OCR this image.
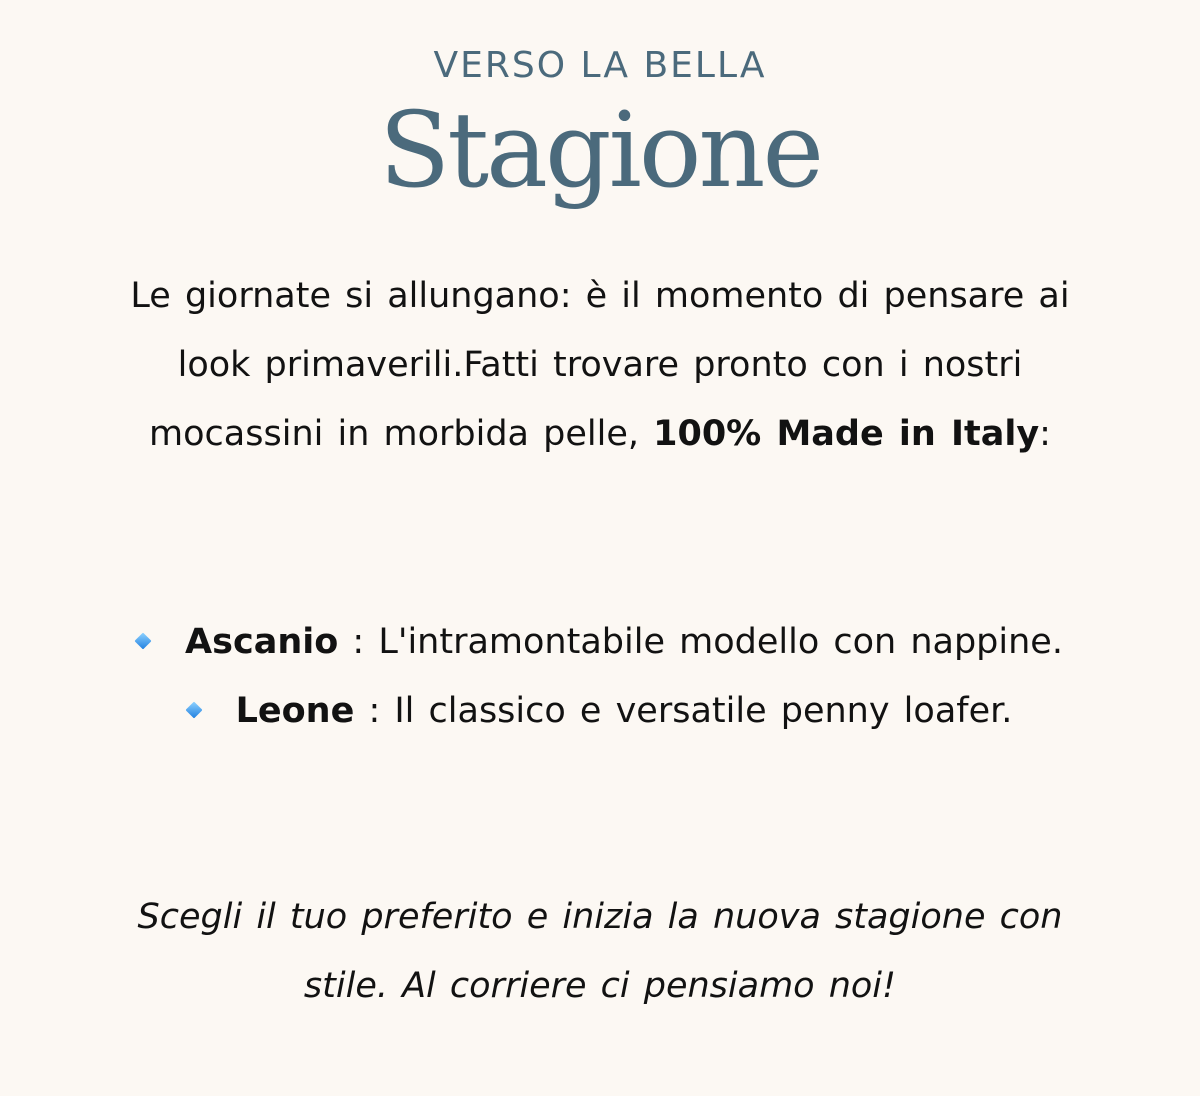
VERSO LA BELLA
Stagione

Le giornate si allungano: è il momento di pensare ai look primaverili.Fatti trovare pronto con i nostri mocassini in morbida pelle, 100% Made in Italy:

Ascanio : L'intramontabile modello con nappine.
Leone : Il classico e versatile penny loafer.

Scegli il tuo preferito e inizia la nuova stagione con stile. Al corriere ci pensiamo noi!
